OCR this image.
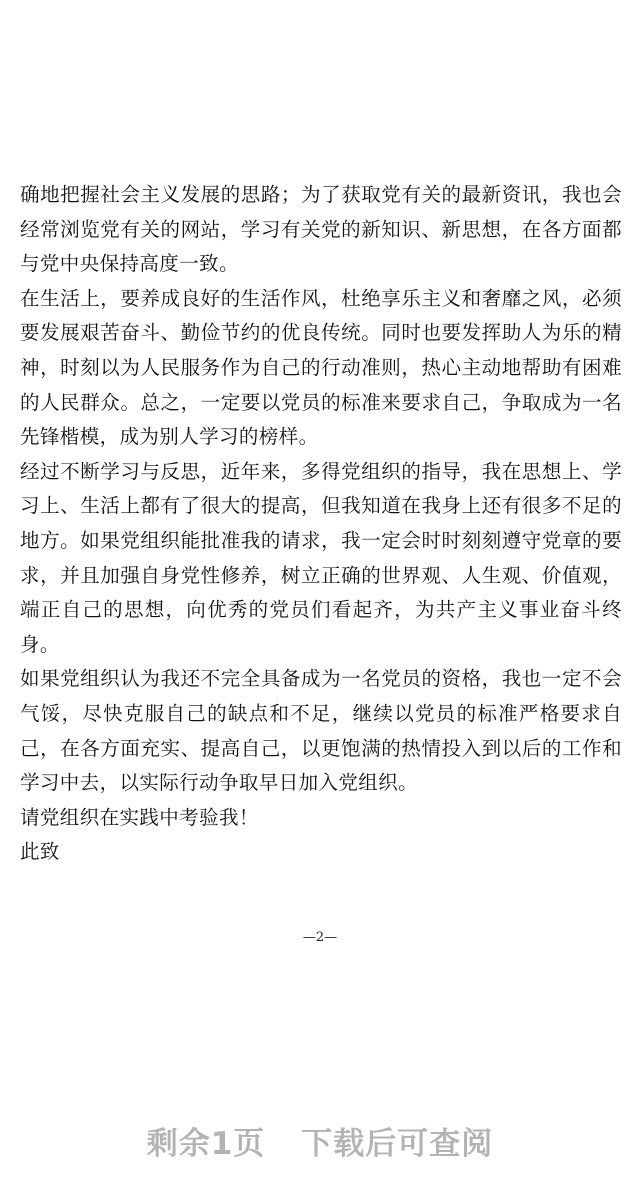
确地把握社会主义发展的思路；为了获取党有关的最新资讯，我也会经常浏览党有关的网站，学习有关党的新知识、新思想，在各方面都与党中央保持高度一致。

在生活上，要养成良好的生活作风，杜绝享乐主义和奢靡之风，必须要发展艰苦奋斗、勤俭节约的优良传统。同时也要发挥助人为乐的精神，时刻以为人民服务作为自己的行动准则，热心主动地帮助有困难的人民群众。总之，一定要以党员的标准来要求自己，争取成为一名先锋楷模，成为别人学习的榜样。

经过不断学习与反思，近年来，多得党组织的指导，我在思想上、学习上、生活上都有了很大的提高，但我知道在我身上还有很多不足的地方。如果党组织能批准我的请求，我一定会时时刻刻遵守党章的要求，并且加强自身党性修养，树立正确的世界观、人生观、价值观，端正自己的思想，向优秀的党员们看起齐，为共产主义事业奋斗终身。

如果党组织认为我还不完全具备成为一名党员的资格，我也一定不会气馁，尽快克服自己的缺点和不足，继续以党员的标准严格要求自己，在各方面充实、提高自己，以更饱满的热情投入到以后的工作和学习中去，以实际行动争取早日加入党组织。

请党组织在实践中考验我！

此致

—2—
剩余1页 下载后可查阅
